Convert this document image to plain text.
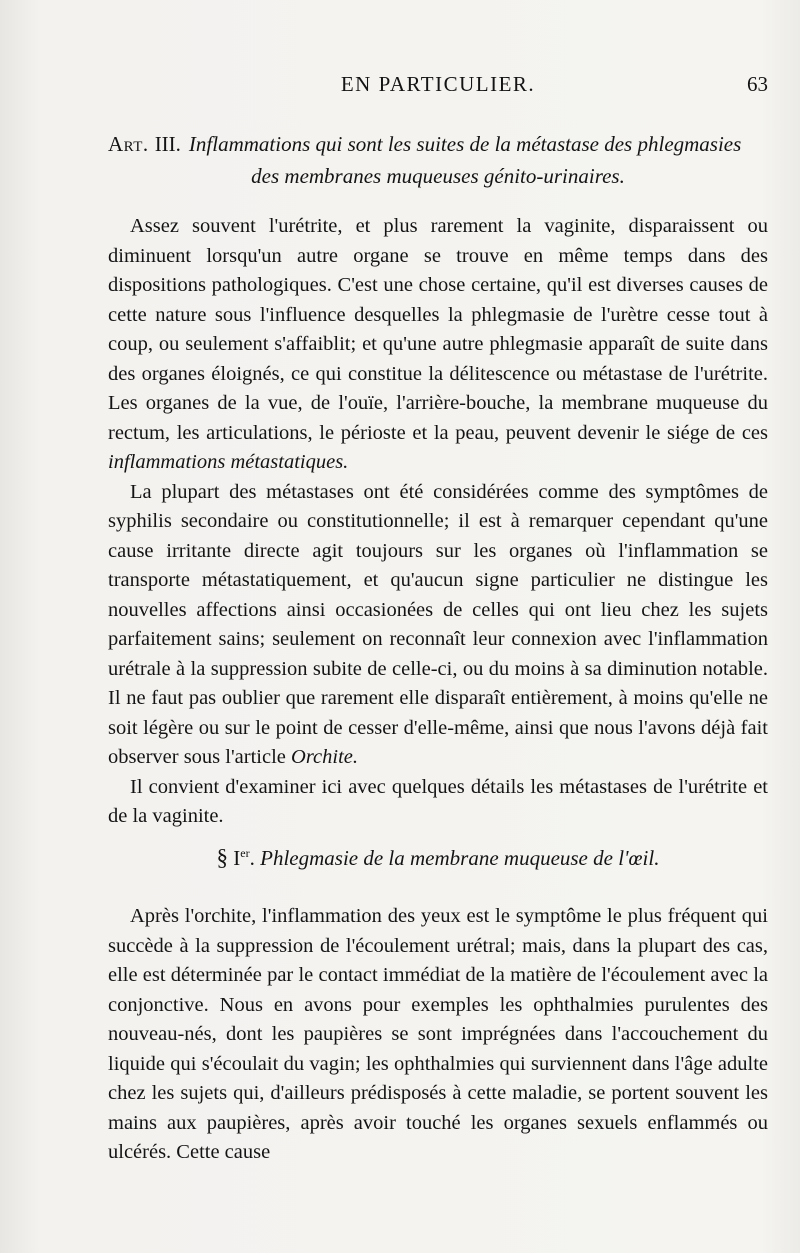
EN PARTICULIER.	63
Art. III. Inflammations qui sont les suites de la métastase des phlegmasies
des membranes muqueuses génito-urinaires.

Assez souvent l'urétrite, et plus rarement la vaginite, disparaissent ou diminuent lorsqu'un autre organe se trouve en même temps dans des dispositions pathologiques. C'est une chose certaine, qu'il est diverses causes de cette nature sous l'influence desquelles la phlegmasie de l'urètre cesse tout à coup, ou seulement s'affaiblit; et qu'une autre phlegmasie apparaît de suite dans des organes éloignés, ce qui constitue la délitescence ou métastase de l'urétrite. Les organes de la vue, de l'ouïe, l'arrière-bouche, la membrane muqueuse du rectum, les articulations, le périoste et la peau, peuvent devenir le siége de ces inflammations métastatiques.

La plupart des métastases ont été considérées comme des symptômes de syphilis secondaire ou constitutionnelle; il est à remarquer cependant qu'une cause irritante directe agit toujours sur les organes où l'inflammation se transporte métastatiquement, et qu'aucun signe particulier ne distingue les nouvelles affections ainsi occasionées de celles qui ont lieu chez les sujets parfaitement sains; seulement on reconnaît leur connexion avec l'inflammation urétrale à la suppression subite de celle-ci, ou du moins à sa diminution notable. Il ne faut pas oublier que rarement elle disparaît entièrement, à moins qu'elle ne soit légère ou sur le point de cesser d'elle-même, ainsi que nous l'avons déjà fait observer sous l'article Orchite.

Il convient d'examiner ici avec quelques détails les métastases de l'urétrite et de la vaginite.

§ Ier. Phlegmasie de la membrane muqueuse de l'œil.

Après l'orchite, l'inflammation des yeux est le symptôme le plus fréquent qui succède à la suppression de l'écoulement urétral; mais, dans la plupart des cas, elle est déterminée par le contact immédiat de la matière de l'écoulement avec la conjonctive. Nous en avons pour exemples les ophthalmies purulentes des nouveau-nés, dont les paupières se sont imprégnées dans l'accouchement du liquide qui s'écoulait du vagin; les ophthalmies qui surviennent dans l'âge adulte chez les sujets qui, d'ailleurs prédisposés à cette maladie, se portent souvent les mains aux paupières, après avoir touché les organes sexuels enflammés ou ulcérés. Cette cause
